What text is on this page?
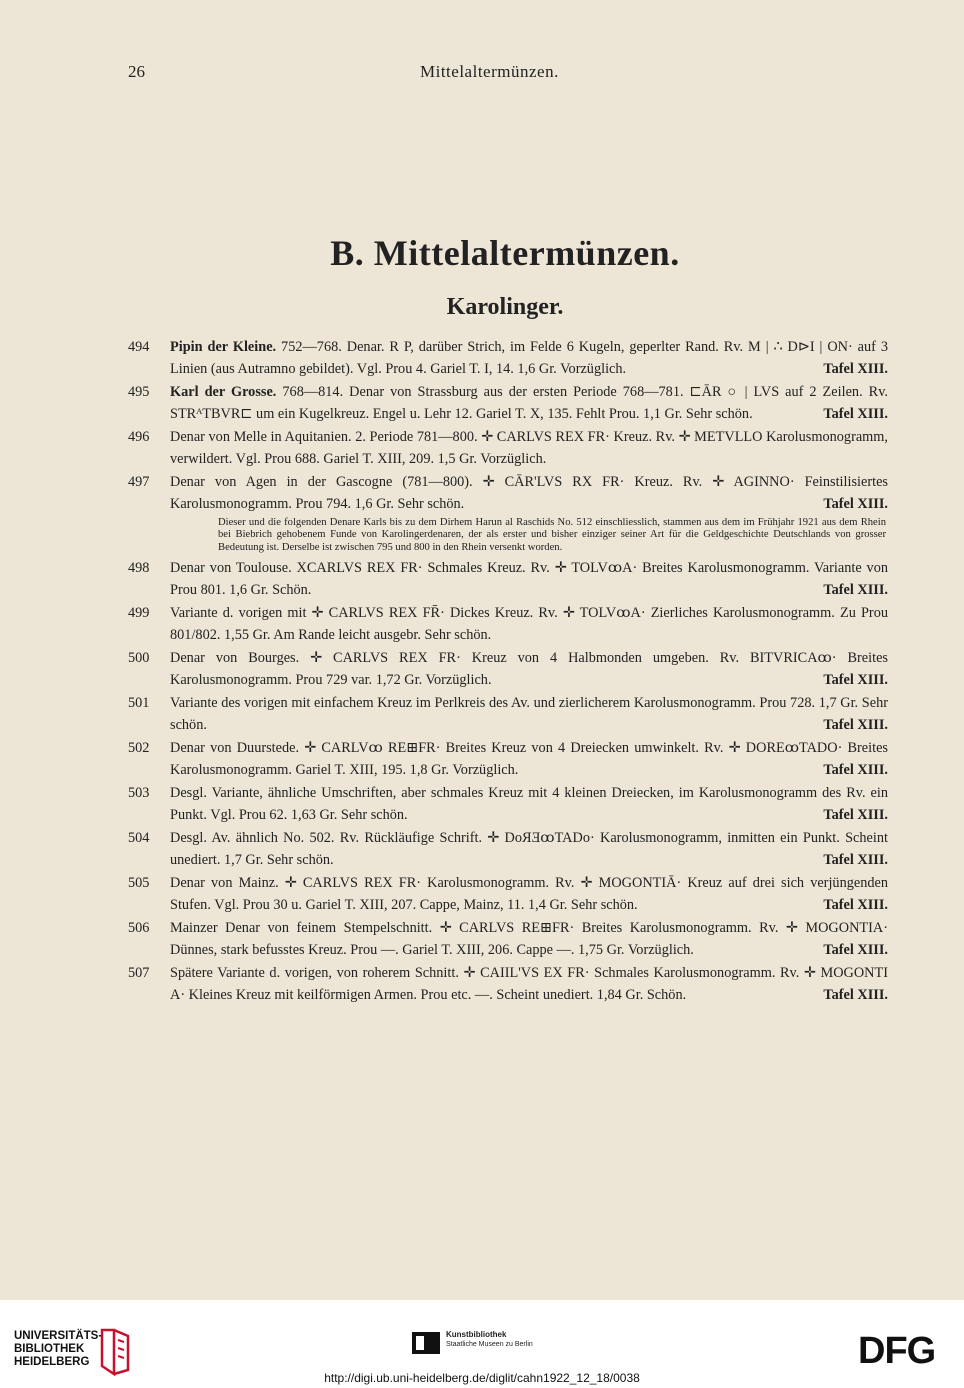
26	Mittelaltermünzen.
B. Mittelaltermünzen.
Karolinger.

494 Pipin der Kleine. 752—768. Denar. R P, darüber Strich, im Felde 6 Kugeln, geperlter Rand. Rv. M | ∴ D⊳I | ON· auf 3 Linien (aus Autramno gebildet). Vgl. Prou 4. Gariel T. I, 14. 1,6 Gr. Vorzüglich.	Tafel XIII.

495 Karl der Grosse. 768—814. Denar von Strassburg aus der ersten Periode 768—781. ⊏ĀR ○ | LVS auf 2 Zeilen. Rv. STRᴬTBVR⊏ um ein Kugelkreuz. Engel u. Lehr 12. Gariel T. X, 135. Fehlt Prou. 1,1 Gr. Sehr schön.	Tafel XIII.

496 Denar von Melle in Aquitanien. 2. Periode 781—800. ✛ CARLVS REX FR· Kreuz. Rv. ✛ METVLLO Karolusmonogramm, verwildert. Vgl. Prou 688. Gariel T. XIII, 209. 1,5 Gr. Vorzüglich.

497 Denar von Agen in der Gascogne (781—800). ✛ CĀR'LVS RX FR· Kreuz. Rv. ✛ AGINNO· Feinstilisiertes Karolusmonogramm. Prou 794. 1,6 Gr. Sehr schön.	Tafel XIII.

Dieser und die folgenden Denare Karls bis zu dem Dirhem Harun al Raschids No. 512 einschliesslich, stammen aus dem im Frühjahr 1921 aus dem Rhein bei Biebrich gehobenem Funde von Karolingerdenaren, der als erster und bisher einziger seiner Art für die Geldgeschichte Deutschlands von grosser Bedeutung ist. Derselbe ist zwischen 795 und 800 in den Rhein versenkt worden.

498 Denar von Toulouse. XCARLVS REX FR· Schmales Kreuz. Rv. ✛ TOLVꝏA· Breites Karolusmonogramm. Variante von Prou 801. 1,6 Gr. Schön.	Tafel XIII.

499 Variante d. vorigen mit ✛ CARLVS REX FR̄· Dickes Kreuz. Rv. ✛ TOLVꝏA· Zierliches Karolusmonogramm. Zu Prou 801/802. 1,55 Gr. Am Rande leicht ausgebr. Sehr schön.

500 Denar von Bourges. ✛ CARLVS REX FR· Kreuz von 4 Halbmonden umgeben. Rv. BITVRICAꝏ· Breites Karolusmonogramm. Prou 729 var. 1,72 Gr. Vorzüglich.	Tafel XIII.

501 Variante des vorigen mit einfachem Kreuz im Perlkreis des Av. und zierlicherem Karolusmonogramm. Prou 728. 1,7 Gr. Sehr schön.	Tafel XIII.

502 Denar von Duurstede. ✛ CARLVꝏ RE⊞FR· Breites Kreuz von 4 Dreiecken umwinkelt. Rv. ✛ DOREꝏTADO· Breites Karolusmonogramm. Gariel T. XIII, 195. 1,8 Gr. Vorzüglich.	Tafel XIII.

503 Desgl. Variante, ähnliche Umschriften, aber schmales Kreuz mit 4 kleinen Dreiecken, im Karolusmonogramm des Rv. ein Punkt. Vgl. Prou 62. 1,63 Gr. Sehr schön.	Tafel XIII.

504 Desgl. Av. ähnlich No. 502. Rv. Rückläufige Schrift. ✛ DoЯƎꝏTADo· Karolusmonogramm, inmitten ein Punkt. Scheint unediert. 1,7 Gr. Sehr schön.	Tafel XIII.

505 Denar von Mainz. ✛ CARLVS REX FR· Karolusmonogramm. Rv. ✛ MOGONTIĀ· Kreuz auf drei sich verjüngenden Stufen. Vgl. Prou 30 u. Gariel T. XIII, 207. Cappe, Mainz, 11. 1,4 Gr. Sehr schön.	Tafel XIII.

506 Mainzer Denar von feinem Stempelschnitt. ✛ CARLVS RE⊞FR· Breites Karolusmonogramm. Rv. ✛ MOGONTIA· Dünnes, stark befusstes Kreuz. Prou —. Gariel T. XIII, 206. Cappe —. 1,75 Gr. Vorzüglich.	Tafel XIII.

507 Spätere Variante d. vorigen, von roherem Schnitt. ✛ CAIIL'VS EX FR· Schmales Karolusmonogramm. Rv. ✛ MOGONTI A· Kleines Kreuz mit keilförmigen Armen. Prou etc. —. Scheint unediert. 1,84 Gr. Schön.	Tafel XIII.

UNIVERSITÄTS-
BIBLIOTHEK
HEIDELBERG
Kunstbibliothek
Staatliche Museen zu Berlin	DFG
http://digi.ub.uni-heidelberg.de/diglit/cahn1922_12_18/0038
